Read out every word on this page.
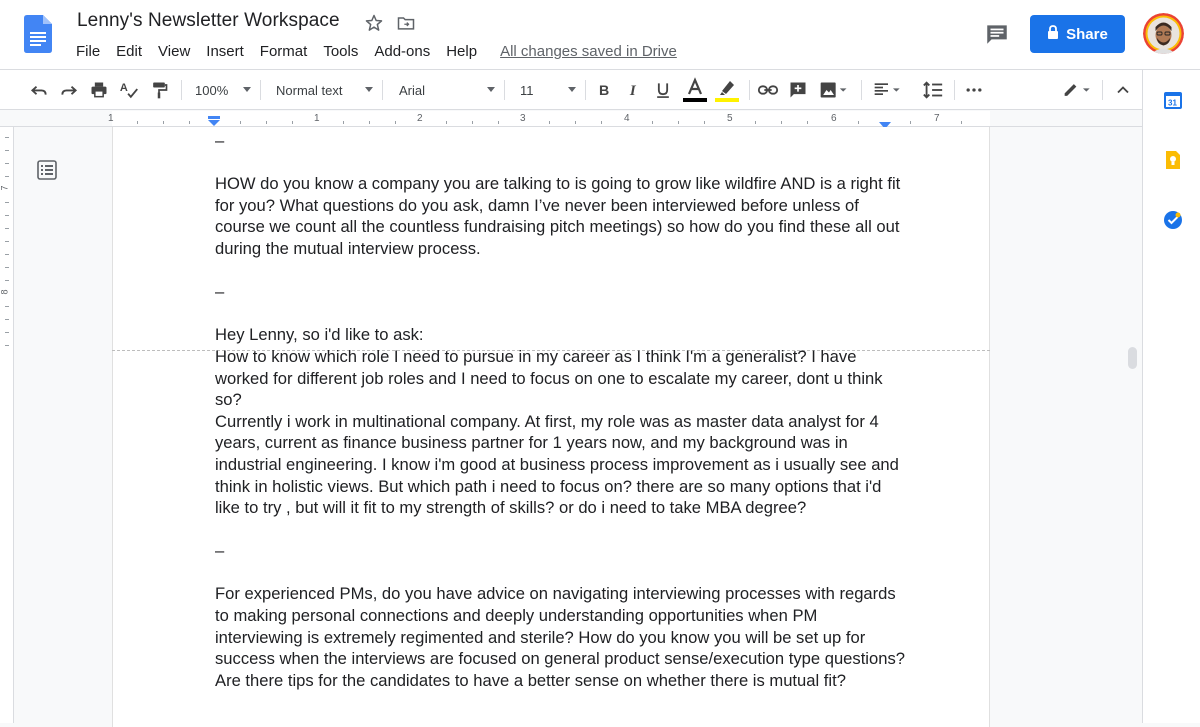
Lenny's Newsletter Workspace
File	Edit	View	Insert	Format	Tools	Add-ons	Help	All changes saved in Drive
Share
A	100%	Normal text	Arial	11	B I
1	1	2	3	4	5	6	7
7
8

–

HOW do you know a company you are talking to is going to grow like wildfire AND is a right fit

for you? What questions do you ask, damn I’ve never been interviewed before unless of

course we count all the countless fundraising pitch meetings) so how do you find these all out

during the mutual interview process.

–

Hey Lenny, so i'd like to ask:

How to know which role I need to pursue in my career as I think I'm a generalist? I have

worked for different job roles and I need to focus on one to escalate my career, dont u think

so?

Currently i work in multinational company. At first, my role was as master data analyst for 4

years, current as finance business partner for 1 years now, and my background was in

industrial engineering. I know i'm good at business process improvement as i usually see and

think in holistic views. But which path i need to focus on? there are so many options that i'd

like to try , but will it fit to my strength of skills? or do i need to take MBA degree?

–

For experienced PMs, do you have advice on navigating interviewing processes with regards

to making personal connections and deeply understanding opportunities when PM

interviewing is extremely regimented and sterile? How do you know you will be set up for

success when the interviews are focused on general product sense/execution type questions?

Are there tips for the candidates to have a better sense on whether there is mutual fit?

31
